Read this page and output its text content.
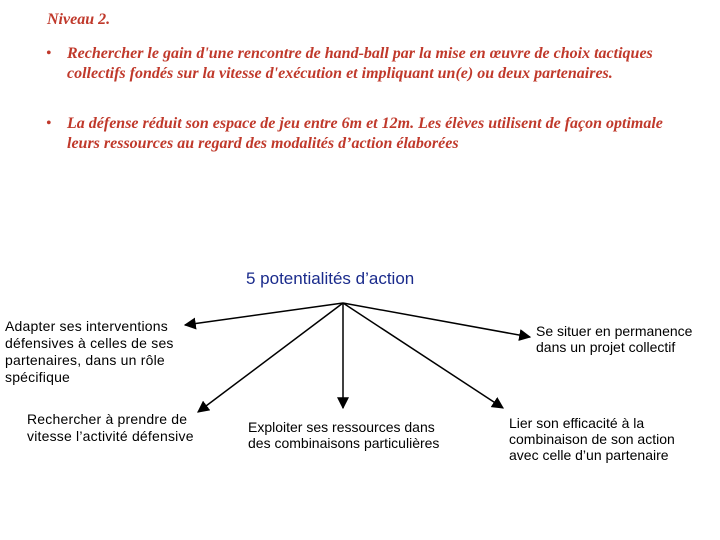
Niveau 2.
• Rechercher le gain d'une rencontre de hand-ball par la mise en œuvre de choix tactiques collectifs fondés sur la vitesse d'exécution et impliquant un(e) ou deux partenaires.
• La défense réduit son espace de jeu entre 6m et 12m. Les élèves utilisent de façon optimale leurs ressources au regard des modalités d’action élaborées
5 potentialités d’action
Adapter ses interventions défensives à celles de ses partenaires, dans un rôle spécifique
Se situer en permanence dans un projet collectif
Rechercher à prendre de vitesse l’activité défensive
Exploiter ses ressources dans des combinaisons particulières
Lier son efficacité à la combinaison de son action avec celle d’un partenaire
